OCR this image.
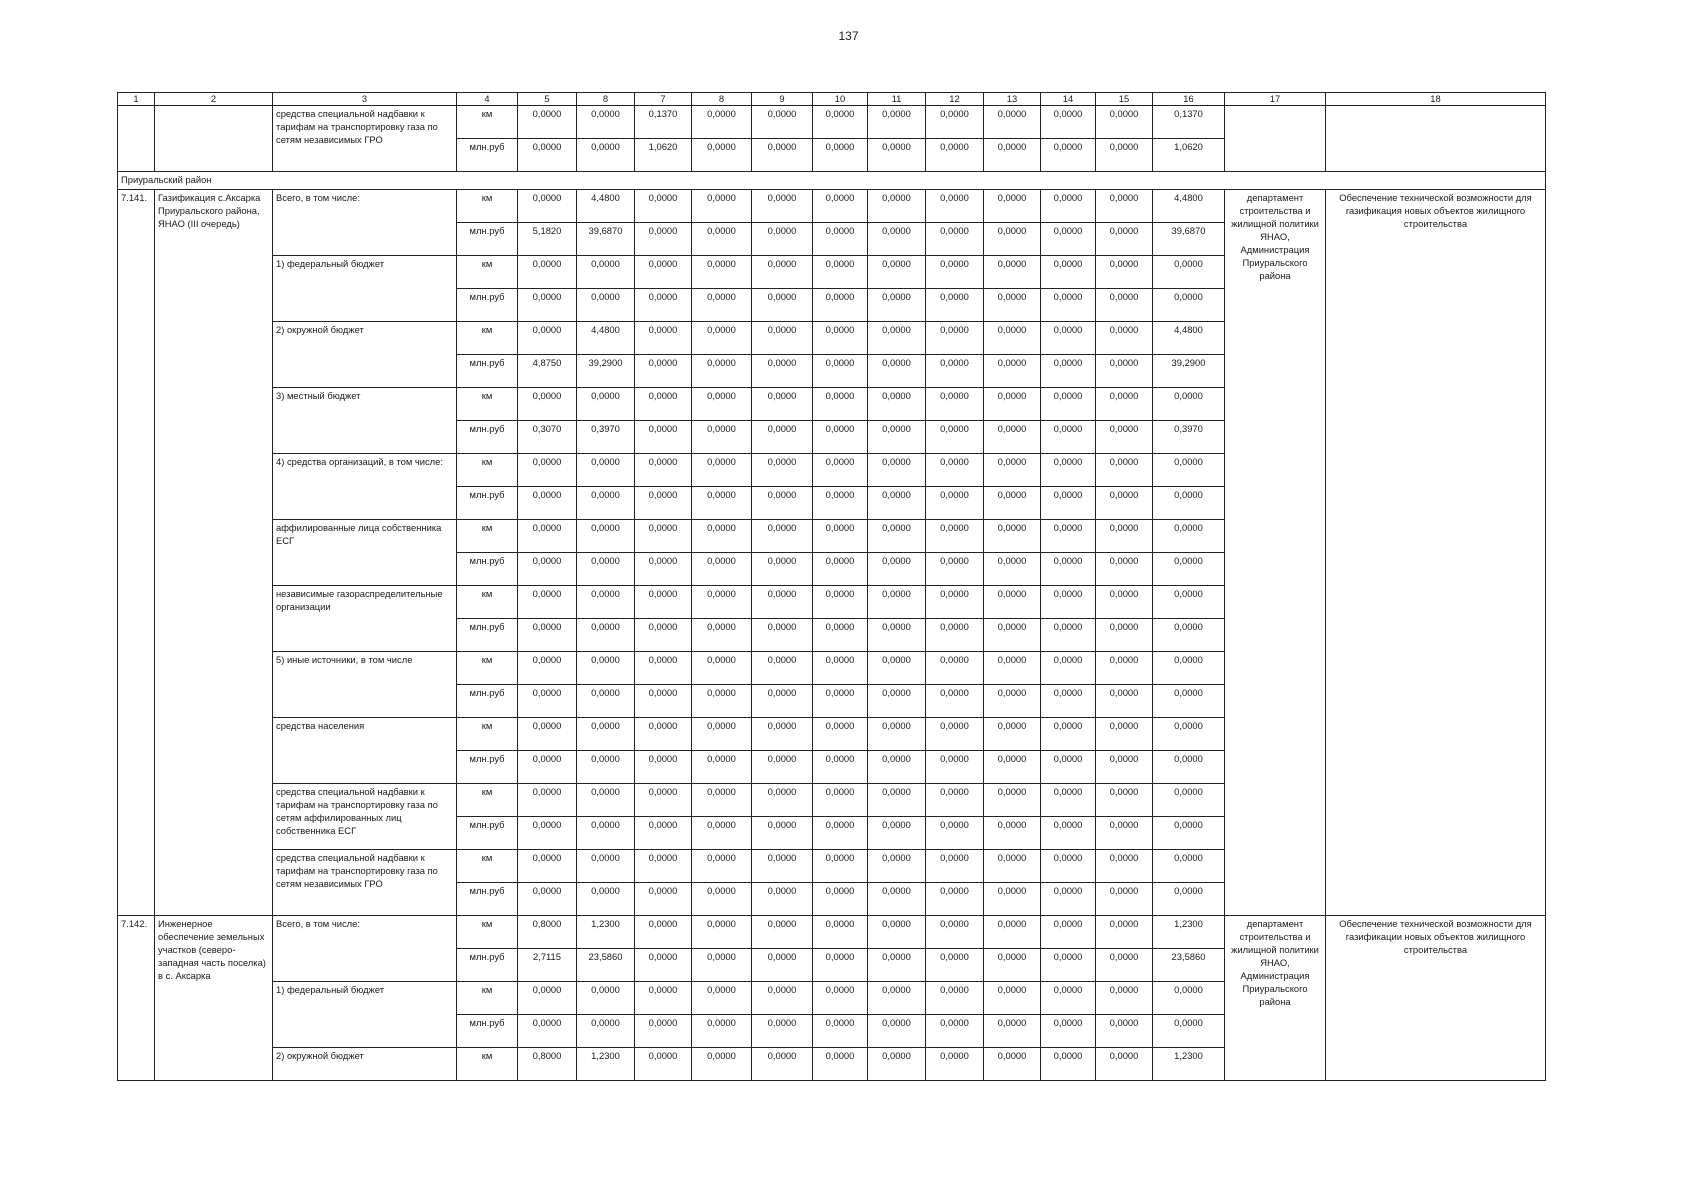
137
1	2	3	4	5	8	7	8	9	10	11	12	13	14	15	16	17	18
		средства специальной надбавки к тарифам на транспортировку газа по сетям независимых ГРО	км	0,0000	0,0000	0,1370	0,0000	0,0000	0,0000	0,0000	0,0000	0,0000	0,0000	0,0000	0,1370		
			млн.руб	0,0000	0,0000	1,0620	0,0000	0,0000	0,0000	0,0000	0,0000	0,0000	0,0000	0,0000	1,0620		
Приуральский район																	
7.141.	Газификация с.Аксарка Приуральского района, ЯНАО (III очередь)	Всего, в том числе:	км	0,0000	4,4800	0,0000	0,0000	0,0000	0,0000	0,0000	0,0000	0,0000	0,0000	0,0000	4,4800	департамент строительства и жилищной политики ЯНАО, Администрация Приуральского района	Обеспечение технической возможности для газификация новых объектов жилищного строительства
			млн.руб	5,1820	39,6870	0,0000	0,0000	0,0000	0,0000	0,0000	0,0000	0,0000	0,0000	0,0000	39,6870		
		1) федеральный бюджет	км	0,0000	0,0000	0,0000	0,0000	0,0000	0,0000	0,0000	0,0000	0,0000	0,0000	0,0000	0,0000		
			млн.руб	0,0000	0,0000	0,0000	0,0000	0,0000	0,0000	0,0000	0,0000	0,0000	0,0000	0,0000	0,0000		
		2) окружной бюджет	км	0,0000	4,4800	0,0000	0,0000	0,0000	0,0000	0,0000	0,0000	0,0000	0,0000	0,0000	4,4800		
			млн.руб	4,8750	39,2900	0,0000	0,0000	0,0000	0,0000	0,0000	0,0000	0,0000	0,0000	0,0000	39,2900		
		3) местный бюджет	км	0,0000	0,0000	0,0000	0,0000	0,0000	0,0000	0,0000	0,0000	0,0000	0,0000	0,0000	0,0000		
			млн.руб	0,3070	0,3970	0,0000	0,0000	0,0000	0,0000	0,0000	0,0000	0,0000	0,0000	0,0000	0,3970		
		4) средства организаций, в том числе:	км	0,0000	0,0000	0,0000	0,0000	0,0000	0,0000	0,0000	0,0000	0,0000	0,0000	0,0000	0,0000		
			млн.руб	0,0000	0,0000	0,0000	0,0000	0,0000	0,0000	0,0000	0,0000	0,0000	0,0000	0,0000	0,0000		
		аффилированные лица собственника ЕСГ	км	0,0000	0,0000	0,0000	0,0000	0,0000	0,0000	0,0000	0,0000	0,0000	0,0000	0,0000	0,0000		
			млн.руб	0,0000	0,0000	0,0000	0,0000	0,0000	0,0000	0,0000	0,0000	0,0000	0,0000	0,0000	0,0000		
		независимые газораспределительные организации	км	0,0000	0,0000	0,0000	0,0000	0,0000	0,0000	0,0000	0,0000	0,0000	0,0000	0,0000	0,0000		
			млн.руб	0,0000	0,0000	0,0000	0,0000	0,0000	0,0000	0,0000	0,0000	0,0000	0,0000	0,0000	0,0000		
		5) иные источники, в том числе	км	0,0000	0,0000	0,0000	0,0000	0,0000	0,0000	0,0000	0,0000	0,0000	0,0000	0,0000	0,0000		
			млн.руб	0,0000	0,0000	0,0000	0,0000	0,0000	0,0000	0,0000	0,0000	0,0000	0,0000	0,0000	0,0000		
		средства населения	км	0,0000	0,0000	0,0000	0,0000	0,0000	0,0000	0,0000	0,0000	0,0000	0,0000	0,0000	0,0000		
			млн.руб	0,0000	0,0000	0,0000	0,0000	0,0000	0,0000	0,0000	0,0000	0,0000	0,0000	0,0000	0,0000		
		средства специальной надбавки к тарифам на транспортировку газа по сетям аффилированных лиц собственника ЕСГ	км	0,0000	0,0000	0,0000	0,0000	0,0000	0,0000	0,0000	0,0000	0,0000	0,0000	0,0000	0,0000		
			млн.руб	0,0000	0,0000	0,0000	0,0000	0,0000	0,0000	0,0000	0,0000	0,0000	0,0000	0,0000	0,0000		
		средства специальной надбавки к тарифам на транспортировку газа по сетям независимых ГРО	км	0,0000	0,0000	0,0000	0,0000	0,0000	0,0000	0,0000	0,0000	0,0000	0,0000	0,0000	0,0000		
			млн.руб	0,0000	0,0000	0,0000	0,0000	0,0000	0,0000	0,0000	0,0000	0,0000	0,0000	0,0000	0,0000		
7.142.	Инженерное обеспечение земельных участков (северо-западная часть поселка) в с. Аксарка	Всего, в том числе:	км	0,8000	1,2300	0,0000	0,0000	0,0000	0,0000	0,0000	0,0000	0,0000	0,0000	0,0000	1,2300	департамент строительства и жилищной политики ЯНАО, Администрация Приуральского района	Обеспечение технической возможности для газификации новых объектов жилищного строительства
			млн.руб	2,7115	23,5860	0,0000	0,0000	0,0000	0,0000	0,0000	0,0000	0,0000	0,0000	0,0000	23,5860		
		1) федеральный бюджет	км	0,0000	0,0000	0,0000	0,0000	0,0000	0,0000	0,0000	0,0000	0,0000	0,0000	0,0000	0,0000		
			млн.руб	0,0000	0,0000	0,0000	0,0000	0,0000	0,0000	0,0000	0,0000	0,0000	0,0000	0,0000	0,0000		
		2) окружной бюджет	км	0,8000	1,2300	0,0000	0,0000	0,0000	0,0000	0,0000	0,0000	0,0000	0,0000	0,0000	1,2300		
